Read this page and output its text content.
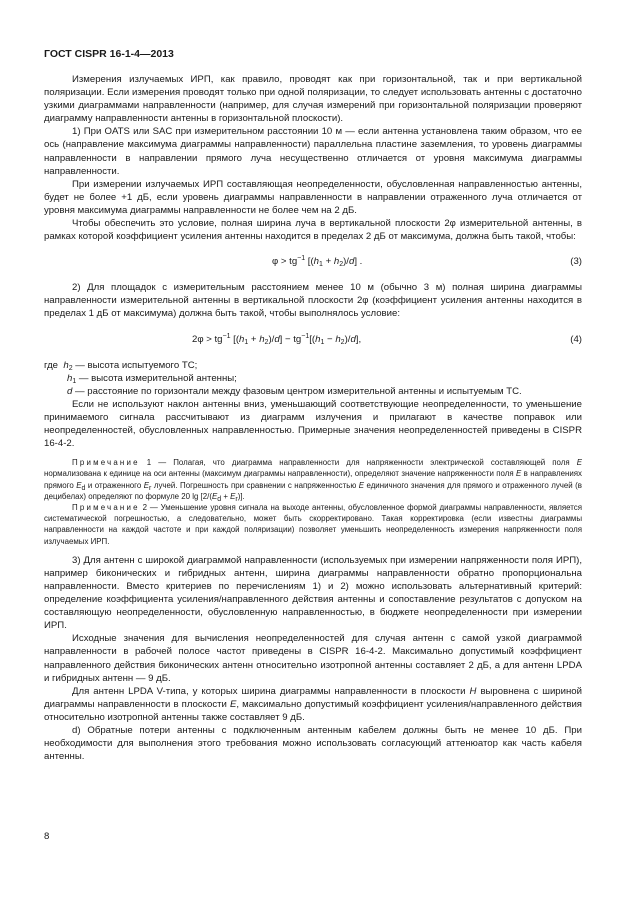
ГОСТ CISPR 16-1-4—2013

Измерения излучаемых ИРП, как правило, проводят как при горизонтальной, так и при вертикальной поляризации. Если измерения проводят только при одной поляризации, то следует использовать антенны с достаточно узкими диаграммами направленности (например, для случая измерений при горизонтальной поляризации проверяют диаграмму направленности антенны в горизонтальной плоскости).

1) При OATS или SAC при измерительном расстоянии 10 м — если антенна установлена таким образом, что ее ось (направление максимума диаграммы направленности) параллельна пластине заземления, то уровень диаграммы направленности в направлении прямого луча несущественно отличается от уровня максимума диаграммы направленности.

При измерении излучаемых ИРП составляющая неопределенности, обусловленная направленностью антенны, будет не более +1 дБ, если уровень диаграммы направленности в направлении отраженного луча отличается от уровня максимума диаграммы направленности не более чем на 2 дБ.

Чтобы обеспечить это условие, полная ширина луча в вертикальной плоскости 2φ измерительной антенны, в рамках которой коэффициент усиления антенны находится в пределах 2 дБ от максимума, должна быть такой, чтобы:

$\varphi > tg^{-1}$ $[(h_1 + h_2)/d]$ .	(3)

2) Для площадок с измерительным расстоянием менее 10 м (обычно 3 м) полная ширина диаграммы направленности измерительной антенны в вертикальной плоскости 2φ (коэффициент усиления антенны находится в пределах 1 дБ от максимума) должна быть такой, чтобы выполнялось условие:

$2\varphi > tg^{-1}$ $[(h_1 + h_2)/d] - tg^{-1}[(h_1 - h_2)/d]$,	(4)
где $h_2$ — высота испытуемого ТС;
$h_1$ — высота измерительной антенны;
d — расстояние по горизонтали между фазовым центром измерительной антенны и испытуемым ТС.

Если не используют наклон антенны вниз, уменьшающий соответствующие неопределенности, то уменьшение принимаемого сигнала рассчитывают из диаграмм излучения и прилагают в качестве поправок или неопределенностей, обусловленных направленностью. Примерные значения неопределенностей приведены в CISPR 16-4-2.

Примечание 1 — Полагая, что диаграмма направленности для напряженности электрической составляющей поля E нормализована к единице на оси антенны (максимум диаграммы направленности), определяют значение напряженности поля E в направлениях прямого $E_d$ и отраженного $E_r$ лучей. Погрешность при сравнении с напряженностью E единичного значения для прямого и отраженного лучей (в децибелах) определяют по формуле 20 $\lg [2/(E_d + E_r)]$.

Примечание 2 — Уменьшение уровня сигнала на выходе антенны, обусловленное формой диаграммы направленности, является систематической погрешностью, а следовательно, может быть скорректировано. Такая корректировка (если известны диаграммы направленности на каждой частоте и при каждой поляризации) позволяет уменьшить неопределенность измерения напряженности поля излучаемых ИРП.

3) Для антенн с широкой диаграммой направленности (используемых при измерении напряженности поля ИРП), например биконических и гибридных антенн, ширина диаграммы направленности обратно пропорциональна направленности. Вместо критериев по перечислениям 1) и 2) можно использовать альтернативный критерий: определение коэффициента усиления/направленного действия антенны и сопоставление результатов с допуском на составляющую неопределенности, обусловленную направленностью, в бюджете неопределенности при измерении ИРП.

Исходные значения для вычисления неопределенностей для случая антенн с самой узкой диаграммой направленности в рабочей полосе частот приведены в CISPR 16-4-2. Максимально допустимый коэффициент направленного действия биконических антенн относительно изотропной антенны составляет 2 дБ, а для антенн LPDA и гибридных антенн — 9 дБ.

Для антенн LPDA V-типа, у которых ширина диаграммы направленности в плоскости H выровнена с шириной диаграммы направленности в плоскости E, максимально допустимый коэффициент усиления/направленного действия относительно изотропной антенны также составляет 9 дБ.

d) Обратные потери антенны с подключенным антенным кабелем должны быть не менее 10 дБ. При необходимости для выполнения этого требования можно использовать согласующий аттенюатор как часть кабеля антенны.

8
